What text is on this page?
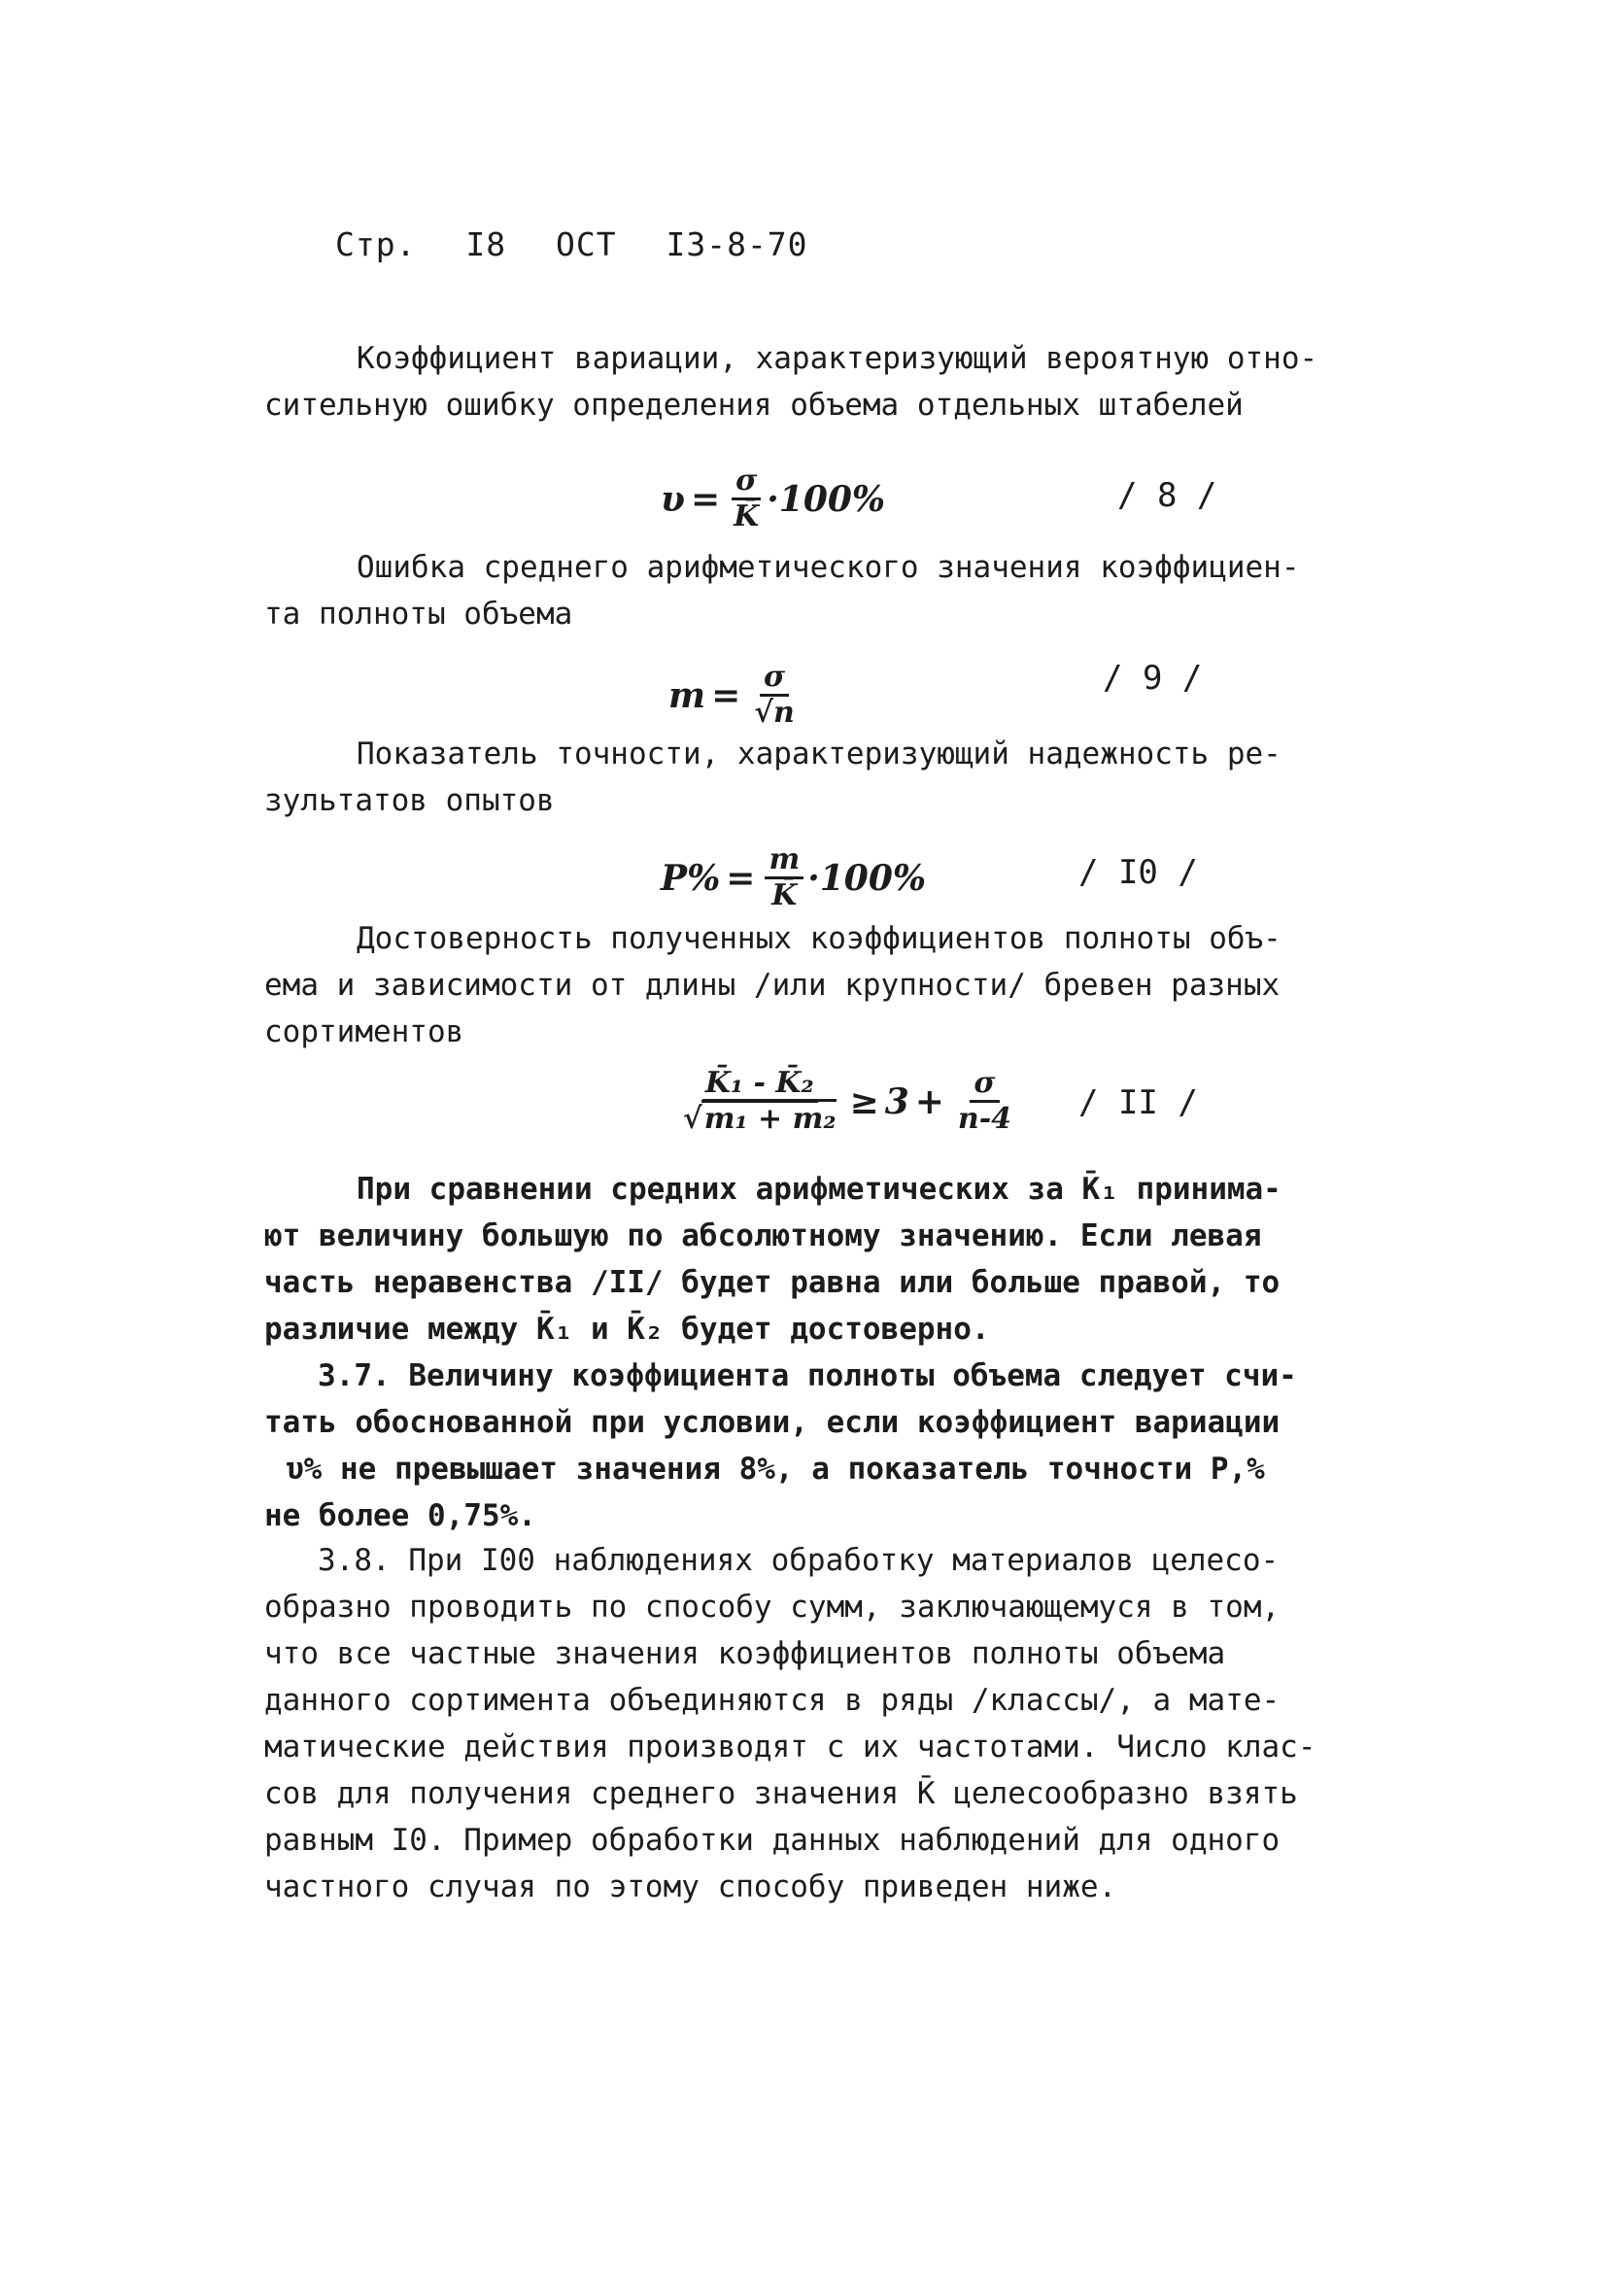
Стр. I8 ОСТ I3-8-70
Коэффициент вариации, характеризующий вероятную отно-
сительную ошибку определения объема отдельных штабелей
$\upsilon = \frac{\sigma}{K̄} \cdot 100\%$	/ 8 /
Ошибка среднего арифметического значения коэффициен-
та полноты объема
$m = \frac{\sigma}{√n}$	/ 9 /
Показатель точности, характеризующий надежность ре-
зультатов опытов
$P\% = \frac{m}{K̄} \cdot 100\%$	/ I0 /
Достоверность полученных коэффициентов полноты объ-
ема и зависимости от длины /или крупности/ бревен разных
сортиментов
$\frac{\text{K̄₁ - K̄₂}}{\text{√m₁ + m₂}} \ge 3 + \frac{\sigma}{n-4}$ / II /
При сравнении средних арифметических за K̄₁ принима-
ют величину большую по абсолютному значению. Если левая
часть неравенства /II/ будет равна или больше правой, то
различие между K̄₁ и K̄₂ будет достоверно.
3.7. Величину коэффициента полноты объема следует счи-
тать обоснованной при условии, если коэффициент вариации
υ% не превышает значения 8%, а показатель точности P,%
не более 0,75%.
3.8. При I00 наблюдениях обработку материалов целесо-
образно проводить по способу сумм, заключающемуся в том,
что все частные значения коэффициентов полноты объема
данного сортимента объединяются в ряды /классы/, а мате-
матические действия производят с их частотами. Число клас-
сов для получения среднего значения K̄ целесообразно взять
равным I0. Пример обработки данных наблюдений для одного
частного случая по этому способу приведен ниже.
